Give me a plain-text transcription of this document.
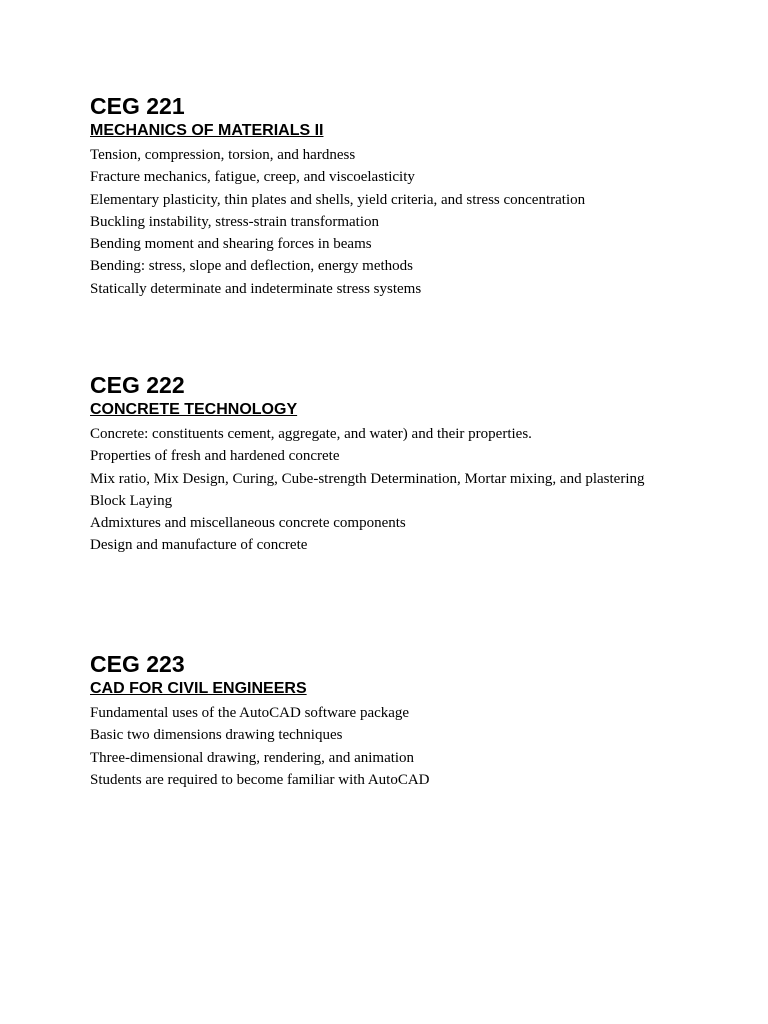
CEG 221
MECHANICS OF MATERIALS II
Tension, compression, torsion, and hardness
Fracture mechanics, fatigue, creep, and viscoelasticity
Elementary plasticity, thin plates and shells, yield criteria, and stress concentration
Buckling instability, stress-strain transformation
Bending moment and shearing forces in beams
Bending: stress, slope and deflection, energy methods
Statically determinate and indeterminate stress systems
CEG 222
CONCRETE TECHNOLOGY
Concrete: constituents cement, aggregate, and water) and their properties.
Properties of fresh and hardened concrete
Mix ratio, Mix Design, Curing, Cube-strength Determination, Mortar mixing, and plastering
Block Laying
Admixtures and miscellaneous concrete components
Design and manufacture of concrete
CEG 223
CAD FOR CIVIL ENGINEERS
Fundamental uses of the AutoCAD software package
Basic two dimensions drawing techniques
Three-dimensional drawing, rendering, and animation
Students are required to become familiar with AutoCAD
